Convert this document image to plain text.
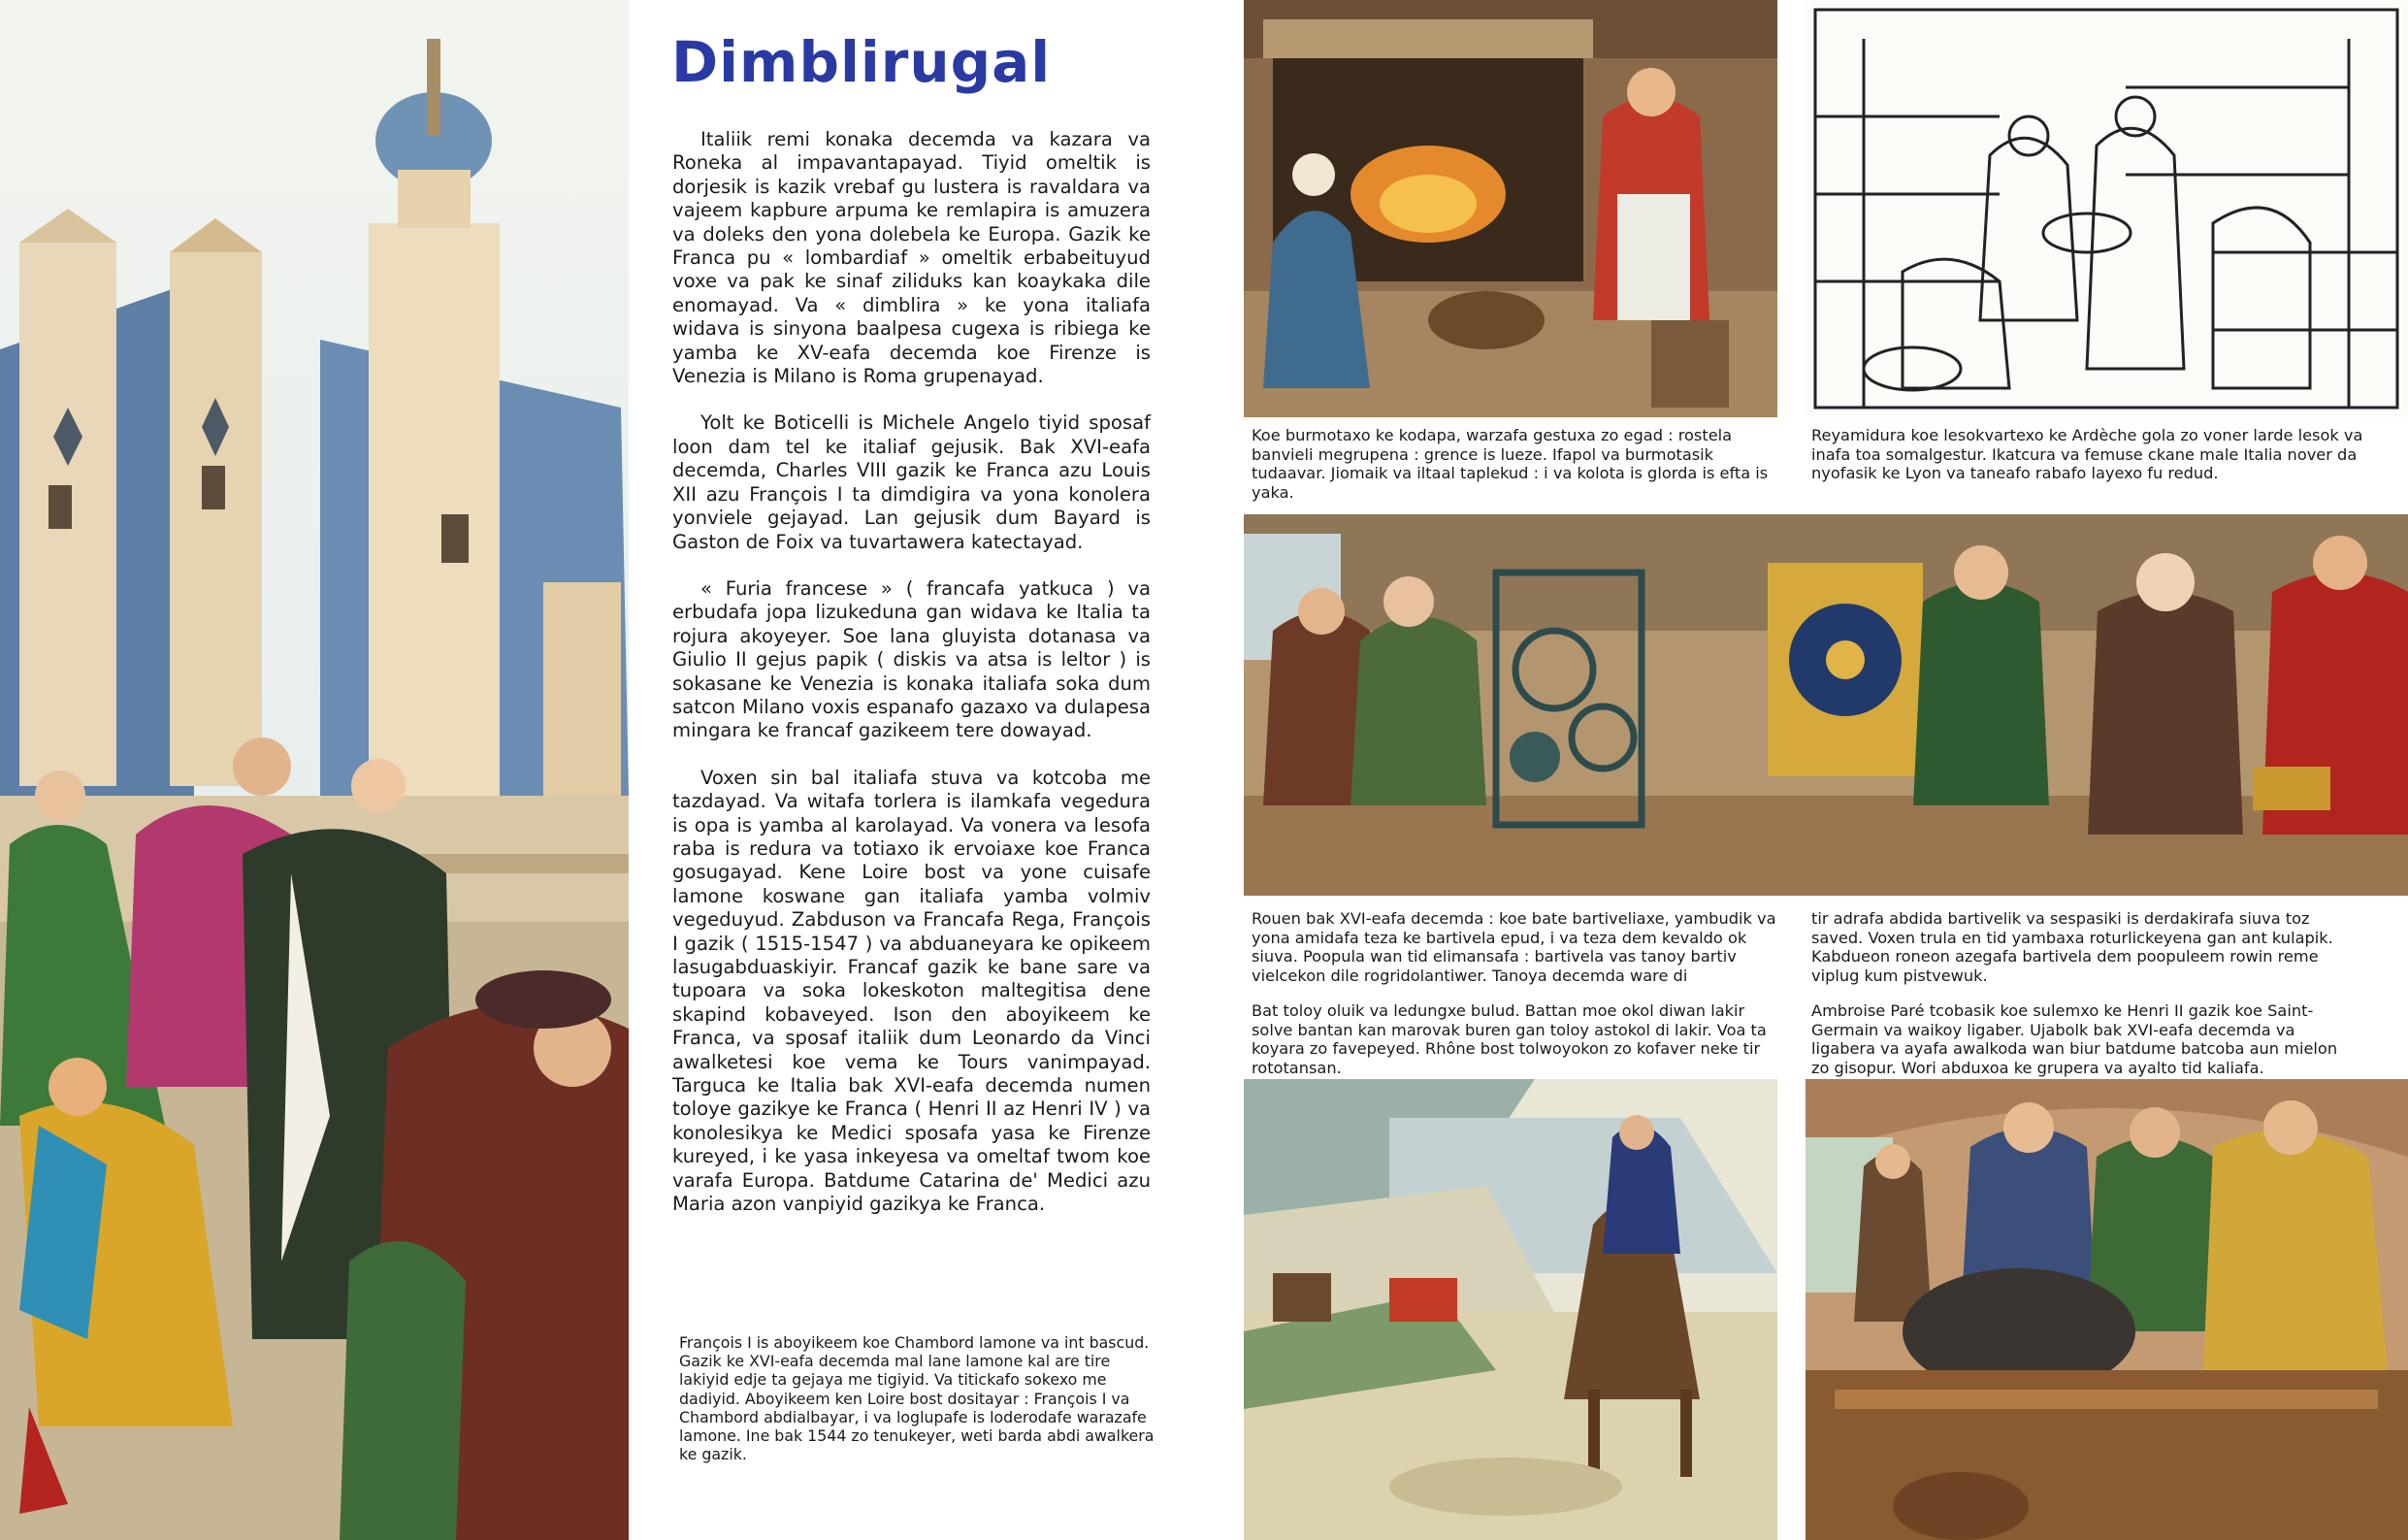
Dimblirugal

Italiik remi konaka decemda va kazara va Roneka al impavantapayad. Tiyid omeltik is dorjesik is kazik vrebaf gu lustera is ravaldara va vajeem kapbure arpuma ke remlapira is amuzera va doleks den yona dolebela ke Europa. Gazik ke Franca pu « lombardiaf » omeltik erbabeituyud voxe va pak ke sinaf ziliduks kan koaykaka dile enomayad. Va « dimblira » ke yona italiafa widava is sinyona baalpesa cugexa is ribiega ke yamba ke XV-eafa decemda koe Firenze is Venezia is Milano is Roma grupenayad.

Yolt ke Boticelli is Michele Angelo tiyid sposaf loon dam tel ke italiaf gejusik. Bak XVI-eafa decemda, Charles VIII gazik ke Franca azu Louis XII azu François I ta dimdigira va yona konolera yonviele gejayad. Lan gejusik dum Bayard is Gaston de Foix va tuvartawera katectayad.

« Furia francese » ( francafa yatkuca ) va erbudafa jopa lizukeduna gan widava ke Italia ta rojura akoyeyer. Soe lana gluyista dotanasa va Giulio II gejus papik ( diskis va atsa is leltor ) is sokasane ke Venezia is konaka italiafa soka dum satcon Milano voxis espanafo gazaxo va dulapesa mingara ke francaf gazikeem tere dowayad.

Voxen sin bal italiafa stuva va kotcoba me tazdayad. Va witafa torlera is ilamkafa vegedura is opa is yamba al karolayad. Va vonera va lesofa raba is redura va totiaxo ik ervoiaxe koe Franca gosugayad. Kene Loire bost va yone cuisafe lamone koswane gan italiafa yamba volmiv vegeduyud. Zabduson va Francafa Rega, François I gazik ( 1515-1547 ) va abduaneyara ke opikeem lasugabduaskiyir. Francaf gazik ke bane sare va tupoara va soka lokeskoton maltegitisa dene skapind kobaveyed. Ison den aboyikeem ke Franca, va sposaf italiik dum Leonardo da Vinci awalketesi koe vema ke Tours vanimpayad. Targuca ke Italia bak XVI-eafa decemda numen toloye gazikye ke Franca ( Henri II az Henri IV ) va konolesikya ke Medici sposafa yasa ke Firenze kureyed, i ke yasa inkeyesa va omeltaf twom koe varafa Europa. Batdume Catarina de' Medici azu Maria azon vanpiyid gazikya ke Franca.

François I is aboyikeem koe Chambord lamone va int bascud. Gazik ke XVI-eafa decemda mal lane lamone kal are tire lakiyid edje ta gejaya me tigiyid. Va titickafo sokexo me dadiyid. Aboyikeem ken Loire bost dositayar : François I va Chambord abdialbayar, i va loglupafe is loderodafe warazafe lamone. Ine bak 1544 zo tenukeyer, weti barda abdi awalkera ke gazik.
Koe burmotaxo ke kodapa, warzafa gestuxa zo egad : rostela banvieli megrupena : grence is lueze. Ifapol va burmotasik tudaavar. Jiomaik va iltaal taplekud : i va kolota is glorda is efta is yaka.
Reyamidura koe lesokvartexo ke Ardèche gola zo voner larde lesok va inafa toa somalgestur. Ikatcura va femuse ckane male Italia nover da nyofasik ke Lyon va taneafo rabafo layexo fu redud.
Rouen bak XVI-eafa decemda : koe bate bartiveliaxe, yambudik va yona amidafa teza ke bartivela epud, i va teza dem kevaldo ok siuva. Poopula wan tid elimansafa : bartivela vas tanoy bartiv vielcekon dile rogridolantiwer. Tanoya decemda ware di
tir adrafa abdida bartivelik va sespasiki is derdakirafa siuva toz saved. Voxen trula en tid yambaxa roturlickeyena gan ant kulapik. Kabdueon roneon azegafa bartivela dem poopuleem rowin reme viplug kum pistvewuk.
Bat toloy oluik va ledungxe bulud. Battan moe okol diwan lakir solve bantan kan marovak buren gan toloy astokol di lakir. Voa ta koyara zo favepeyed. Rhône bost tolwoyokon zo kofaver neke tir rototansan.
Ambroise Paré tcobasik koe sulemxo ke Henri II gazik koe Saint-Germain va waikoy ligaber. Ujabolk bak XVI-eafa decemda va ligabera va ayafa awalkoda wan biur batdume batcoba aun mielon zo gisopur. Wori abduxoa ke grupera va ayalto tid kaliafa.
